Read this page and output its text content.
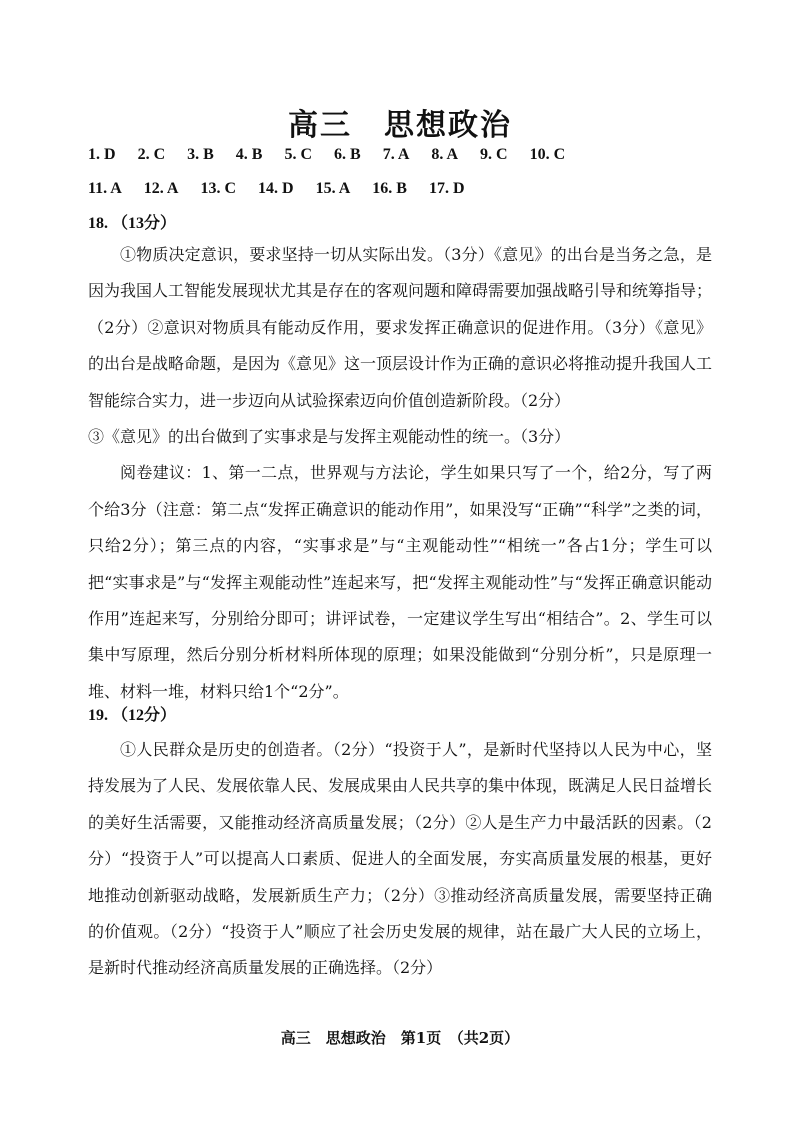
高三　思想政治
1. D 2. C 3. B 4. B 5. C 6. B 7. A 8. A 9. C 10. C
11. A 12. A 13. C 14. D 15. A 16. B 17. D
18. （13分）

①物质决定意识，要求坚持一切从实际出发。（3分）《意见》的出台是当务之急，是因为我国人工智能发展现状尤其是存在的客观问题和障碍需要加强战略引导和统筹指导；（2分）②意识对物质具有能动反作用，要求发挥正确意识的促进作用。（3分）《意见》的出台是战略命题，是因为《意见》这一顶层设计作为正确的意识必将推动提升我国人工智能综合实力，进一步迈向从试验探索迈向价值创造新阶段。（2分）

③《意见》的出台做到了实事求是与发挥主观能动性的统一。（3分）

阅卷建议：1、第一二点，世界观与方法论，学生如果只写了一个，给2分，写了两个给3分（注意：第二点“发挥正确意识的能动作用”，如果没写“正确”“科学”之类的词，只给2分）；第三点的内容，“实事求是”与“主观能动性”“相统一”各占1分；学生可以把“实事求是”与“发挥主观能动性”连起来写，把“发挥主观能动性”与“发挥正确意识能动作用”连起来写，分别给分即可；讲评试卷，一定建议学生写出“相结合”。2、学生可以集中写原理，然后分别分析材料所体现的原理；如果没能做到“分别分析”，只是原理一堆、材料一堆，材料只给1个“2分”。

19. （12分）

①人民群众是历史的创造者。（2分）“投资于人”，是新时代坚持以人民为中心，坚持发展为了人民、发展依靠人民、发展成果由人民共享的集中体现，既满足人民日益增长的美好生活需要，又能推动经济高质量发展；（2分）②人是生产力中最活跃的因素。（2分）“投资于人”可以提高人口素质、促进人的全面发展，夯实高质量发展的根基，更好地推动创新驱动战略，发展新质生产力；（2分）③推动经济高质量发展，需要坚持正确的价值观。（2分）“投资于人”顺应了社会历史发展的规律，站在最广大人民的立场上，是新时代推动经济高质量发展的正确选择。（2分）

高三　思想政治　第1页　（共2页）
